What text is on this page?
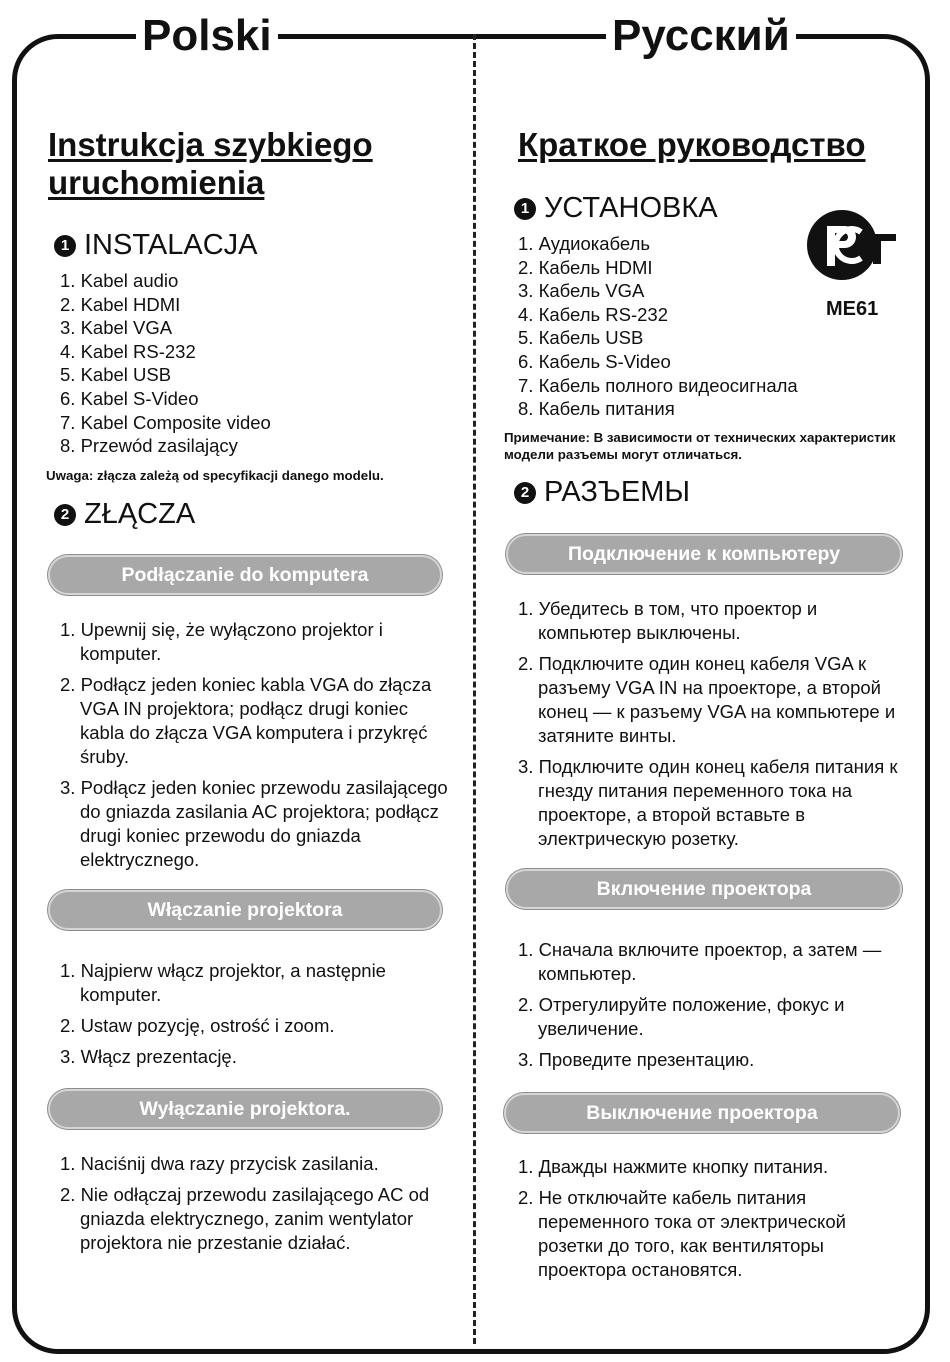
Polski	Русский
Instrukcja szybkiego
uruchomienia
1 INSTALACJA
1. Kabel audio
2. Kabel HDMI
3. Kabel VGA
4. Kabel RS-232
5. Kabel USB
6. Kabel S-Video
7. Kabel Composite video
8. Przewód zasilający

Uwaga: złącza zależą od specyfikacji danego modelu.

2 ZŁĄCZA
Podłączanie do komputera
1. Upewnij się, że wyłączono projektor i komputer.
2. Podłącz jeden koniec kabla VGA do złącza VGA IN projektora; podłącz drugi koniec kabla do złącza VGA komputera i przykręć śruby.
3. Podłącz jeden koniec przewodu zasilającego do gniazda zasilania AC projektora; podłącz drugi koniec przewodu do gniazda elektrycznego.
Włączanie projektora
1. Najpierw włącz projektor, a następnie komputer.
2. Ustaw pozycję, ostrość i zoom.
3. Włącz prezentację.
Wyłączanie projektora.
1. Naciśnij dwa razy przycisk zasilania.
2. Nie odłączaj przewodu zasilającego AC od gniazda elektrycznego, zanim wentylator projektora nie przestanie działać.
Краткое руководство
1 УСТАНОВКА
1. Аудиокабель
2. Кабель HDMI
3. Кабель VGA
4. Кабель RS-232
5. Кабель USB
6. Кабель S-Video
7. Кабель полного видеосигнала
8. Кабель питания

Примечание: В зависимости от технических характеристик модели разъемы могут отличаться.

2 РАЗЪЕМЫ
Подключение к компьютеру
1. Убедитесь в том, что проектор и компьютер выключены.
2. Подключите один конец кабеля VGA к разъему VGA IN на проекторе, а второй конец — к разъему VGA на компьютере и затяните винты.
3. Подключите один конец кабеля питания к гнезду питания переменного тока на проекторе, а второй вставьте в электрическую розетку.
Включение проектора
1. Сначала включите проектор, а затем — компьютер.
2. Отрегулируйте положение, фокус и увеличение.
3. Проведите презентацию.
Выключение проектора
1. Дважды нажмите кнопку питания.
2. Не отключайте кабель питания переменного тока от электрической розетки до того, как вентиляторы проектора остановятся.
ME61
